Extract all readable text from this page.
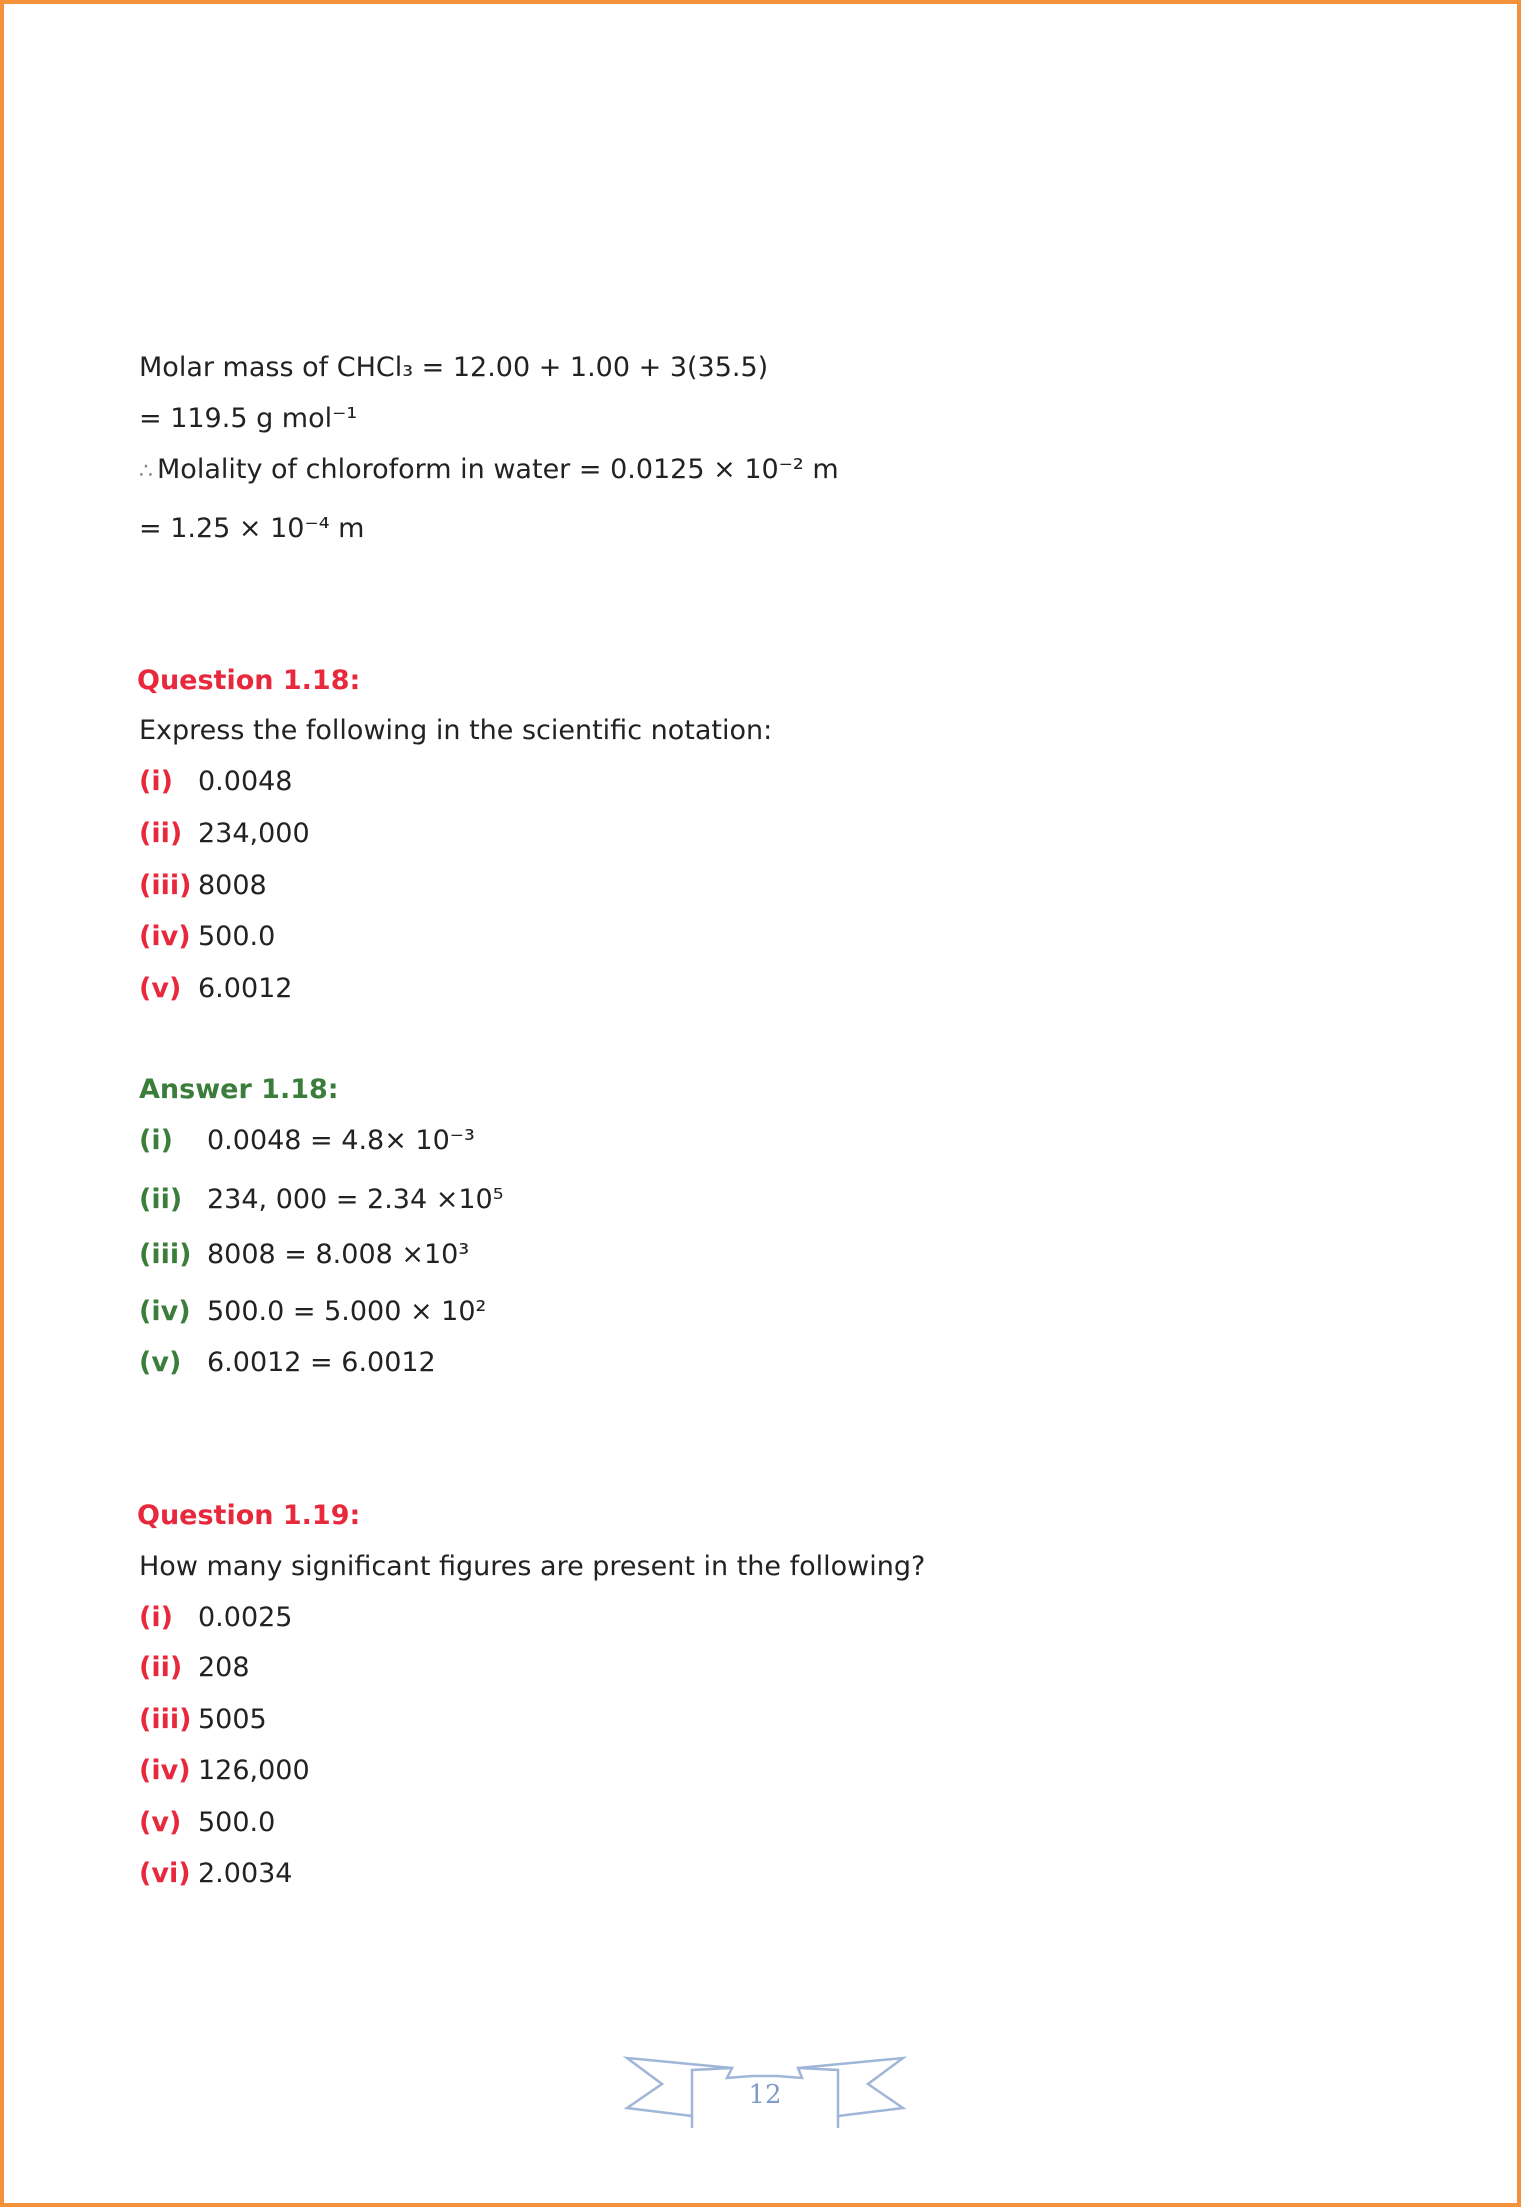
Molar mass of CHCl₃ = 12.00 + 1.00 + 3(35.5)
= 119.5 g mol⁻¹
∴ Molality of chloroform in water = 0.0125 × 10⁻² m
= 1.25 × 10⁻⁴ m
Question 1.18:
Express the following in the scientific notation:
(i) 0.0048
(ii) 234,000
(iii) 8008
(iv) 500.0
(v) 6.0012
Answer 1.18:
(i) 0.0048 = 4.8× 10⁻³
(ii) 234, 000 = 2.34 ×10⁵
(iii) 8008 = 8.008 ×10³
(iv) 500.0 = 5.000 × 10²
(v) 6.0012 = 6.0012
Question 1.19:
How many significant figures are present in the following?
(i) 0.0025
(ii) 208
(iii) 5005
(iv) 126,000
(v) 500.0
(vi) 2.0034
12
